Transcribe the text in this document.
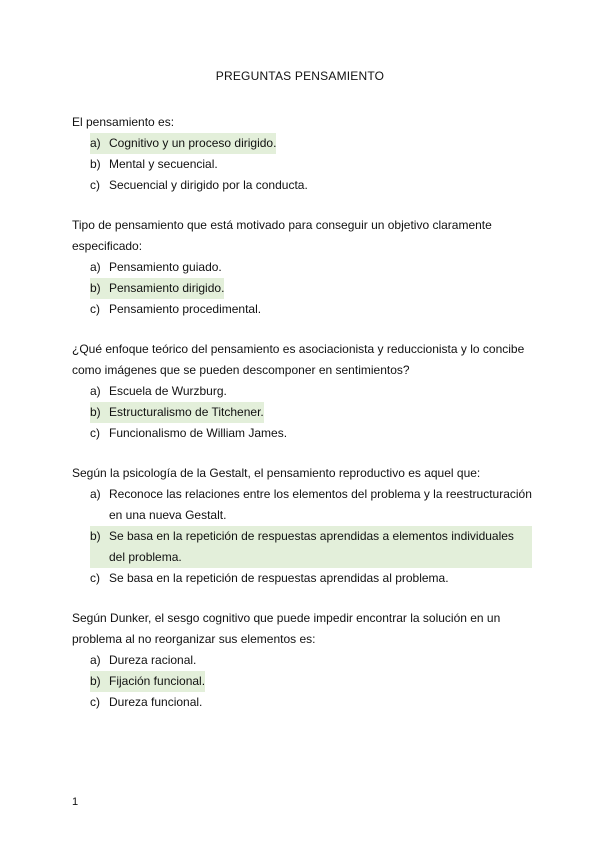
PREGUNTAS PENSAMIENTO
El pensamiento es:
a) Cognitivo y un proceso dirigido.
b) Mental y secuencial.
c) Secuencial y dirigido por la conducta.
Tipo de pensamiento que está motivado para conseguir un objetivo claramente especificado:
a) Pensamiento guiado.
b) Pensamiento dirigido.
c) Pensamiento procedimental.
¿Qué enfoque teórico del pensamiento es asociacionista y reduccionista y lo concibe como imágenes que se pueden descomponer en sentimientos?
a) Escuela de Wurzburg.
b) Estructuralismo de Titchener.
c) Funcionalismo de William James.
Según la psicología de la Gestalt, el pensamiento reproductivo es aquel que:
a) Reconoce las relaciones entre los elementos del problema y la reestructuración en una nueva Gestalt.
b) Se basa en la repetición de respuestas aprendidas a elementos individuales del problema.
c) Se basa en la repetición de respuestas aprendidas al problema.
Según Dunker, el sesgo cognitivo que puede impedir encontrar la solución en un problema al no reorganizar sus elementos es:
a) Dureza racional.
b) Fijación funcional.
c) Dureza funcional.
1
